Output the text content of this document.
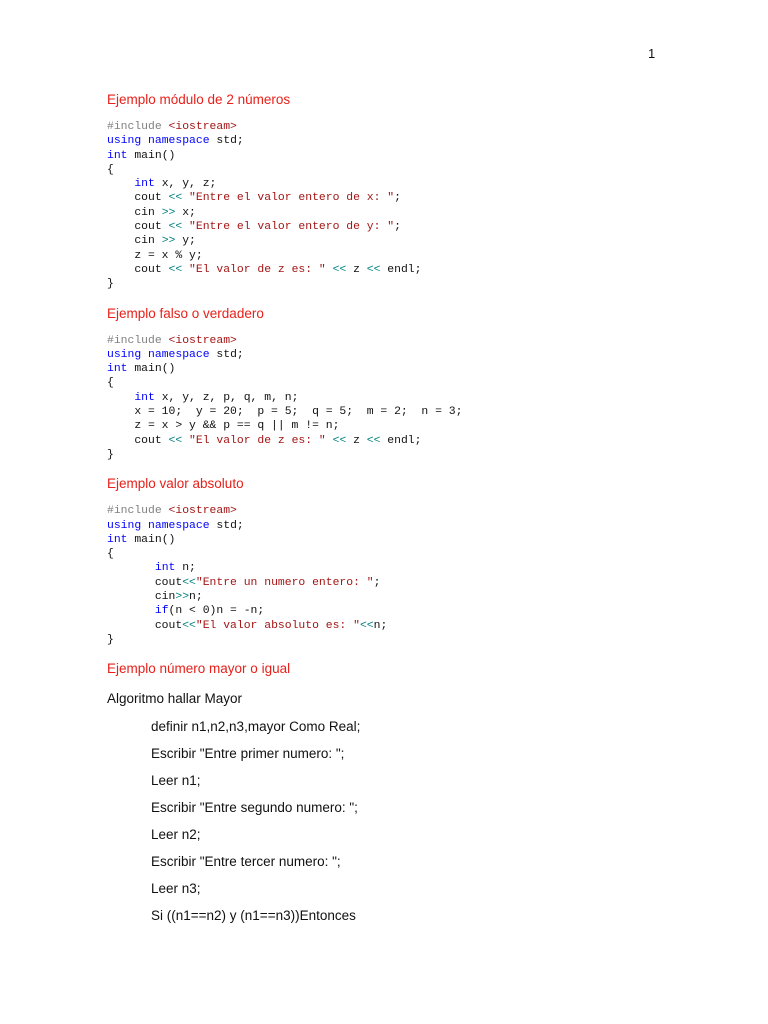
1

Ejemplo módulo de 2 números

#include <iostream>
using namespace std;
int main()
{
int x, y, z;
cout << "Entre el valor entero de x: ";
cin >> x;
cout << "Entre el valor entero de y: ";
cin >> y;
z = x % y;
cout << "El valor de z es: " << z << endl;
}

Ejemplo falso o verdadero

#include <iostream>
using namespace std;
int main()
{
int x, y, z, p, q, m, n;
x = 10;  y = 20;  p = 5;  q = 5;  m = 2;  n = 3;
z = x > y && p == q || m != n;
cout << "El valor de z es: " << z << endl;
}

Ejemplo valor absoluto

#include <iostream>
using namespace std;
int main()
{
int n;
cout<<"Entre un numero entero: ";
cin>>n;
if(n < 0)n = -n;
cout<<"El valor absoluto es: "<<n;
}

Ejemplo número mayor o igual

Algoritmo hallar Mayor

definir n1,n2,n3,mayor Como Real;

Escribir "Entre primer numero: ";

Leer n1;

Escribir "Entre segundo numero: ";

Leer n2;

Escribir "Entre tercer numero: ";

Leer n3;

Si ((n1==n2) y (n1==n3))Entonces
